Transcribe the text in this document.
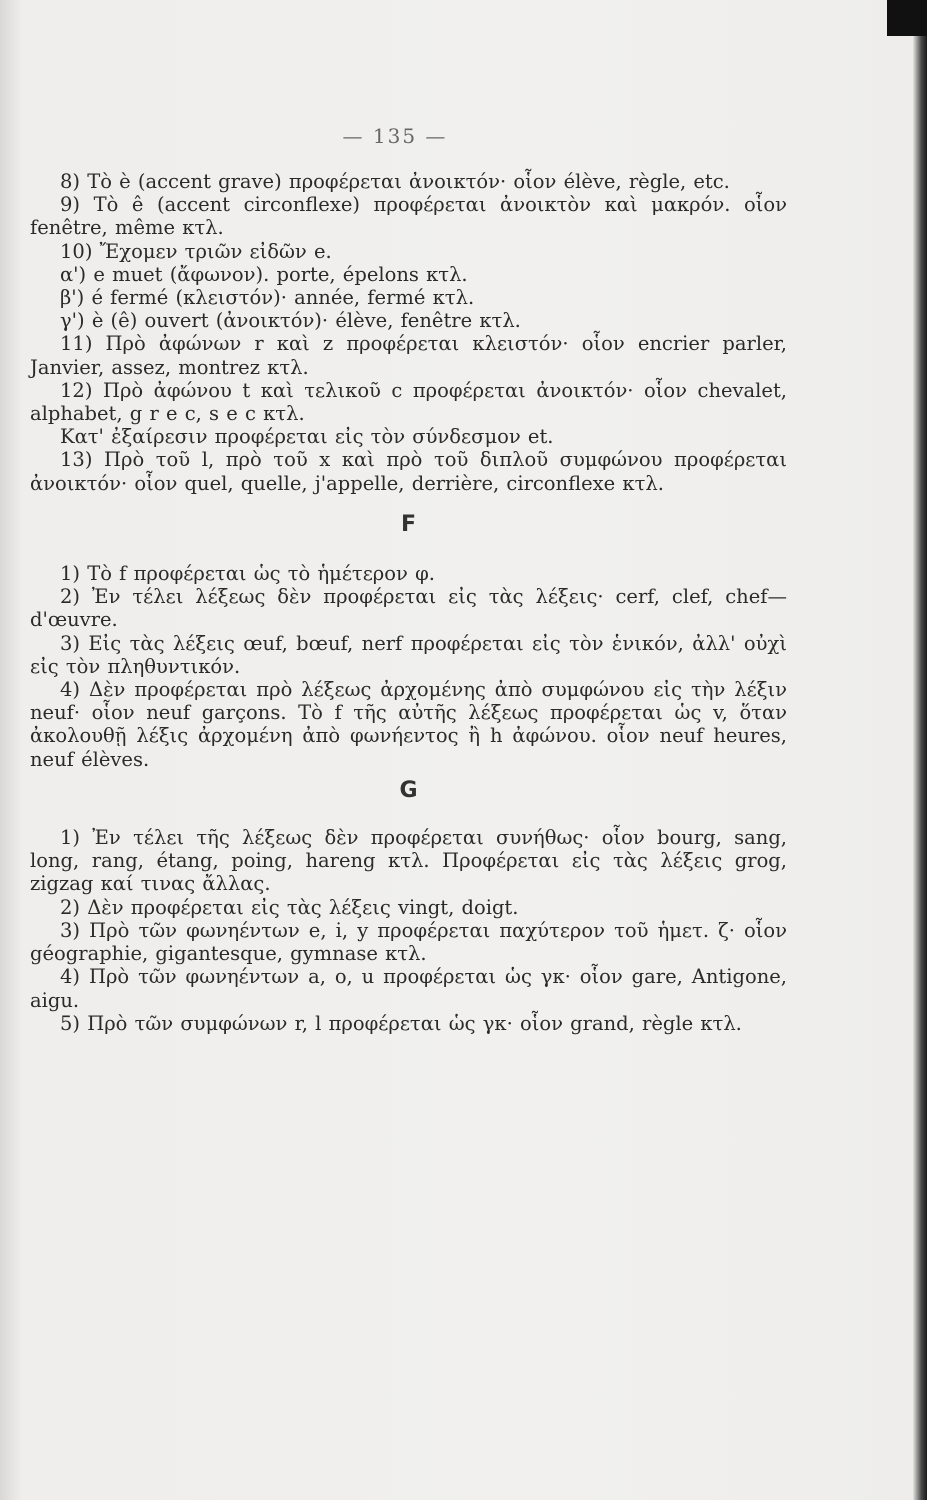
— 135 —

8) Τὸ è (accent grave) προφέρεται ἀνοικτόν· οἷον élève, règle, etc.

9) Τὸ ê (accent circonflexe) προφέρεται ἀνοικτὸν καὶ μακρόν. οἷον fenêtre, même κτλ.

10) Ἔχομεν τριῶν εἰδῶν e.

α') e muet (ἄφωνον). porte, épelons κτλ.

β') é fermé (κλειστόν)· année, fermé κτλ.

γ') è (ê) ouvert (ἀνοικτόν)· élève, fenêtre κτλ.

11) Πρὸ ἀφώνων r καὶ z προφέρεται κλειστόν· οἷον encrier parler, Janvier, assez, montrez κτλ.

12) Πρὸ ἀφώνου t καὶ τελικοῦ c προφέρεται ἀνοικτόν· οἷον chevalet, alphabet, g r e c, s e c κτλ.

Κατ' ἐξαίρεσιν προφέρεται εἰς τὸν σύνδεσμον et.

13) Πρὸ τοῦ l, πρὸ τοῦ x καὶ πρὸ τοῦ διπλοῦ συμφώνου προφέρεται ἀνοικτόν· οἷον quel, quelle, j'appelle, derrière, circonflexe κτλ.

F

1) Τὸ f προφέρεται ὡς τὸ ἡμέτερον φ.

2) Ἐν τέλει λέξεως δὲν προφέρεται εἰς τὰς λέξεις· cerf, clef, chef—d'œuvre.

3) Εἰς τὰς λέξεις œuf, bœuf, nerf προφέρεται εἰς τὸν ἑνικόν, ἀλλ' οὐχὶ εἰς τὸν πληθυντικόν.

4) Δὲν προφέρεται πρὸ λέξεως ἀρχομένης ἀπὸ συμφώνου εἰς τὴν λέξιν neuf· οἷον neuf garçons. Τὸ f τῆς αὐτῆς λέξεως προφέρεται ὡς v, ὅταν ἀκολουθῇ λέξις ἀρχομένη ἀπὸ φωνήεντος ἢ h ἀφώνου. οἷον neuf heures, neuf élèves.

G

1) Ἐν τέλει τῆς λέξεως δὲν προφέρεται συνήθως· οἷον bourg, sang, long, rang, étang, poing, hareng κτλ. Προφέρεται εἰς τὰς λέξεις grog, zigzag καί τινας ἄλλας.

2) Δὲν προφέρεται εἰς τὰς λέξεις vingt, doigt.

3) Πρὸ τῶν φωνηέντων e, i, y προφέρεται παχύτερον τοῦ ἡμετ. ζ· οἷον géographie, gigantesque, gymnase κτλ.

4) Πρὸ τῶν φωνηέντων a, o, u προφέρεται ὡς γκ· οἷον gare, Antigone, aigu.

5) Πρὸ τῶν συμφώνων r, l προφέρεται ὡς γκ· οἷον grand, règle κτλ.
